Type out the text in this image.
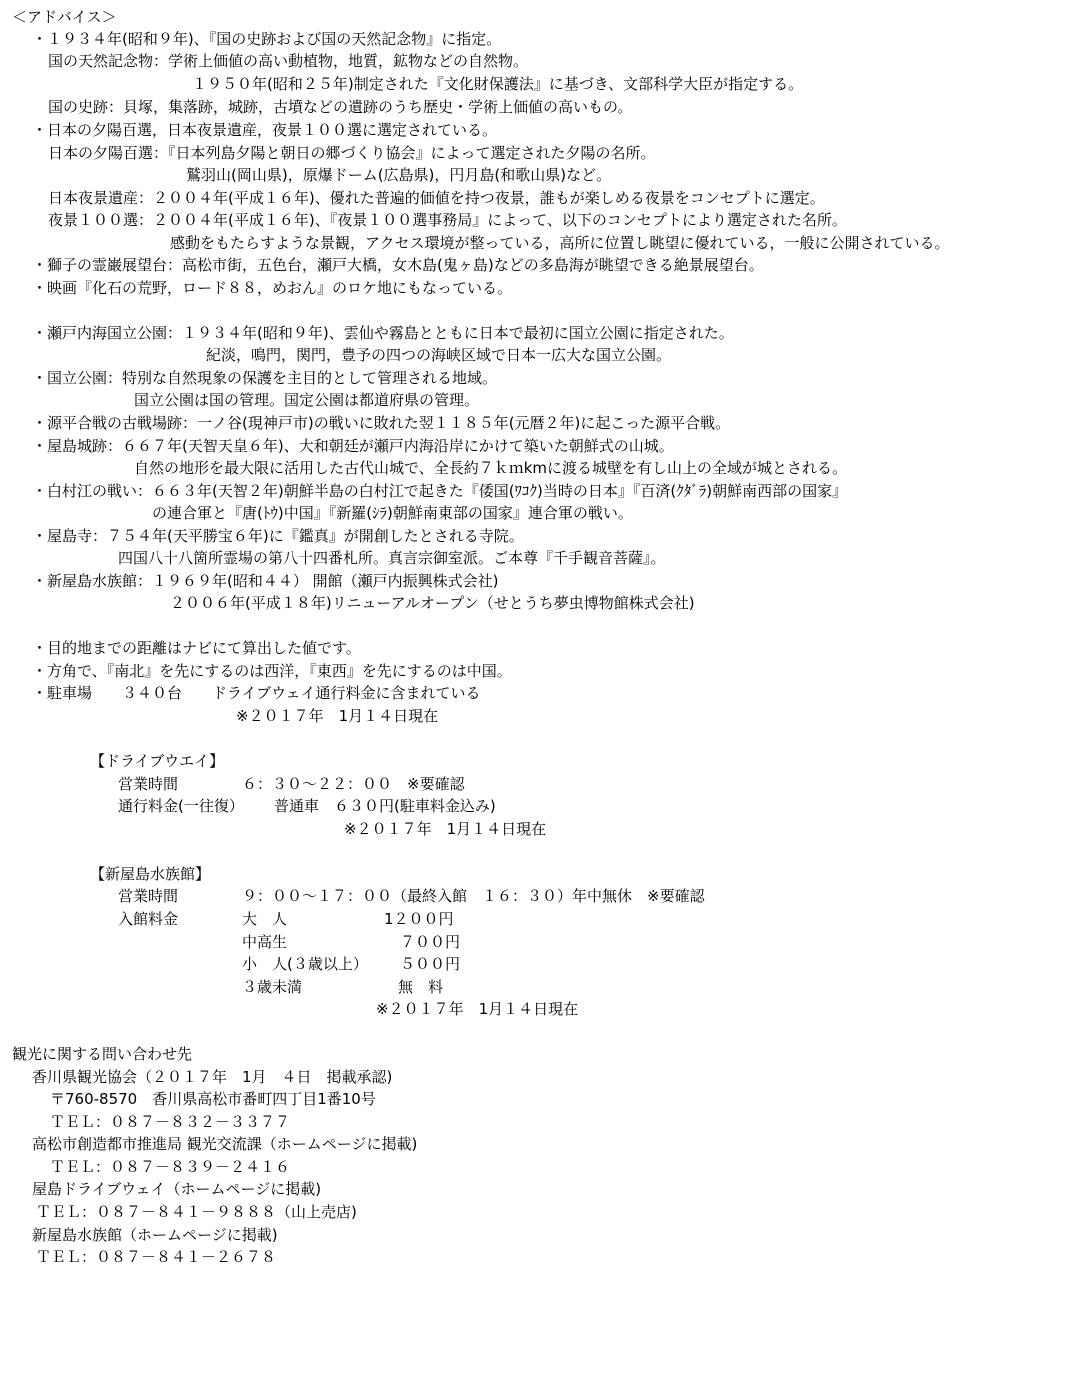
＜アドバイス＞
・１９３４年(昭和９年)、『国の史跡および国の天然記念物』に指定。
国の天然記念物：学術上価値の高い動植物，地質，鉱物などの自然物。
１９５０年(昭和２５年)制定された『文化財保護法』に基づき、文部科学大臣が指定する。
国の史跡：貝塚，集落跡，城跡，古墳などの遺跡のうち歴史・学術上価値の高いもの。
・日本の夕陽百選，日本夜景遺産，夜景１００選に選定されている。
日本の夕陽百選：『日本列島夕陽と朝日の郷づくり協会』によって選定された夕陽の名所。
鷲羽山(岡山県)，原爆ドーム(広島県)，円月島(和歌山県)など。
日本夜景遺産：２００４年(平成１６年)、優れた普遍的価値を持つ夜景，誰もが楽しめる夜景をコンセプトに選定。
夜景１００選：２００４年(平成１６年)、『夜景１００選事務局』によって、以下のコンセプトにより選定された名所。
感動をもたらすような景観，アクセス環境が整っている，高所に位置し眺望に優れている，一般に公開されている。
・獅子の霊巌展望台：高松市街，五色台，瀬戸大橋，女木島(鬼ヶ島)などの多島海が眺望できる絶景展望台。
・映画『化石の荒野，ロード８８，めおん』のロケ地にもなっている。
・瀬戸内海国立公園：１９３４年(昭和９年)、雲仙や霧島とともに日本で最初に国立公園に指定された。
紀淡，鳴門，関門，豊予の四つの海峡区域で日本一広大な国立公園。
・国立公園：特別な自然現象の保護を主目的として管理される地域。
国立公園は国の管理。国定公園は都道府県の管理。
・源平合戦の古戦場跡：一ノ谷(現神戸市)の戦いに敗れた翌１１８５年(元暦２年)に起こった源平合戦。
・屋島城跡：６６７年(天智天皇６年)、大和朝廷が瀬戸内海沿岸にかけて築いた朝鮮式の山城。
自然の地形を最大限に活用した古代山城で、全長約７ｋｍkmに渡る城壁を有し山上の全域が城とされる。
・白村江の戦い：６６３年(天智２年)朝鮮半島の白村江で起きた『倭国(ﾜｺｸ)当時の日本』『百済(ｸﾀﾞﾗ)朝鮮南西部の国家』
の連合軍と『唐(ﾄｳ)中国』『新羅(ｼﾗ)朝鮮南東部の国家』連合軍の戦い。
・屋島寺：７５４年(天平勝宝６年)に『鑑真』が開創したとされる寺院。
四国八十八箇所霊場の第八十四番札所。真言宗御室派。ご本尊『千手観音菩薩』。
・新屋島水族館：１９６９年(昭和４４） 開館（瀬戸内振興株式会社)
２００６年(平成１８年)リニューアルオープン（せとうち夢虫博物館株式会社)
・目的地までの距離はナビにて算出した値です。
・方角で、『南北』を先にするのは西洋，『東西』を先にするのは中国。
・駐車場　　３４０台　　ドライブウェイ通行料金に含まれている
※２０１７年　1月１４日現在
【ドライブウエイ】
営業時間	６：３０～２２：００　※要確認
通行料金(一往復） 普通車　６３０円(駐車料金込み)
※２０１７年　1月１４日現在
【新屋島水族館】
営業時間	９：００～１７：００（最終入館　１６：３０）年中無休　※要確認
入館料金	大　人	1２００円
中高生	７００円
小　人(３歳以上） ５００円
３歳未満	無　料
※２０１７年　1月１４日現在
観光に関する問い合わせ先
香川県観光協会（２０１７年　1月　４日　掲載承認)
〒760-8570　香川県高松市番町四丁目1番10号
ＴＥＬ：０８７－８３２－３３７７
高松市創造都市推進局 観光交流課（ホームページに掲載)
ＴＥＬ：０８７－８３９－２４１６
屋島ドライブウェイ（ホームページに掲載)
ＴＥＬ：０８７－８４１－９８８８（山上売店)
新屋島水族館（ホームページに掲載)
ＴＥＬ：０８７－８４１－２６７８
